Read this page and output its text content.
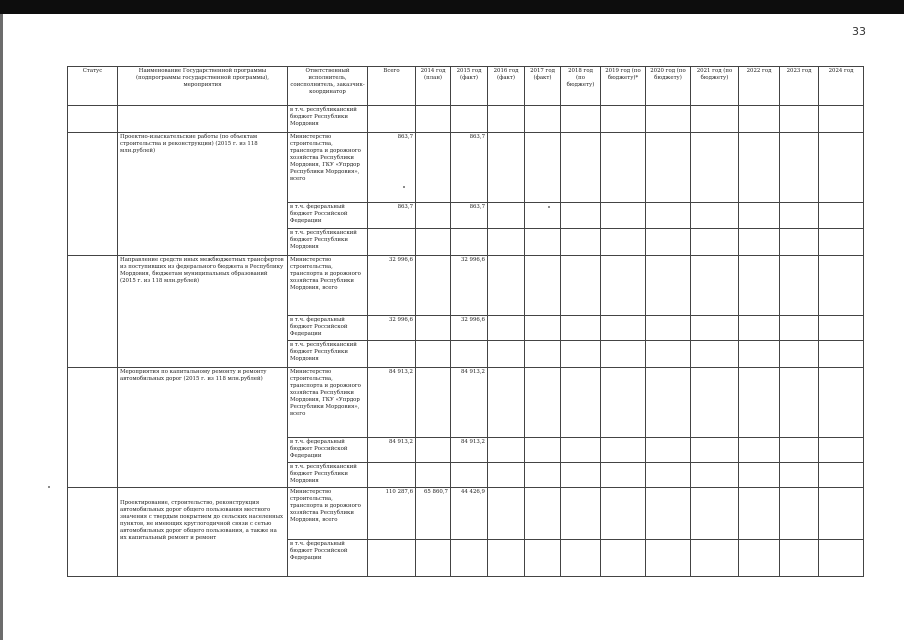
33
Статус	Наименование Государственной программы (подпрограммы государственной программы), мероприятия	Ответственный исполнитель, соисполнитель, заказчик-координатор	Всего	2014 год (план)	2015 год (факт)	2016 год (факт)	2017 год (факт)	2018 год (по бюджету)	2019 год (по бюджету)*	2020 год (по бюджету)	2021 год (по бюджету)	2022 год	2023 год	2024 год
		в т.ч. республиканский бюджет Республики Мордовия												
	Проектно-изыскательские работы (по объектам строительства и реконструкции) (2015 г. из 118 млн.рублей)	Министерство строительства, транспорта и дорожного хозяйства Республики Мордовия, ГКУ «Упрдор Республики Мордовия», всего	863,7		863,7									
		в т.ч. федеральный бюджет Российской Федерации	863,7		863,7									
		в т.ч. республиканский бюджет Республики Мордовия												
	Направление средств иных межбюджетных трансфертов из поступивших из федерального бюджета в Республику Мордовия, бюджетам муниципальных образований (2015 г. из 118 млн.рублей)	Министерство строительства, транспорта и дорожного хозяйства Республики Мордовия, всего	32 996,6		32 996,6									
		в т.ч. федеральный бюджет Российской Федерации	32 996,6		32 996,6									
		в т.ч. республиканский бюджет Республики Мордовия												
	Мероприятия по капитальному ремонту и ремонту автомобильных дорог (2015 г. из 118 млн.рублей)	Министерство строительства, транспорта и дорожного хозяйства Республики Мордовия, ГКУ «Упрдор Республики Мордовия», всего	84 913,2		84 913,2									
		в т.ч. федеральный бюджет Российской Федерации	84 913,2		84 913,2									
		в т.ч. республиканский бюджет Республики Мордовия												
	Проектирование, строительство, реконструкция автомобильных дорог общего пользования местного значения с твердым покрытием до сельских населенных пунктов, не имеющих круглогодичной связи с сетью автомобильных дорог общего пользования, а также на их капитальный ремонт и ремонт	Министерство строительства, транспорта и дорожного хозяйства Республики Мордовия, всего	110 287,6	65 860,7	44 426,9									
		в т.ч. федеральный бюджет Российской Федерации												
